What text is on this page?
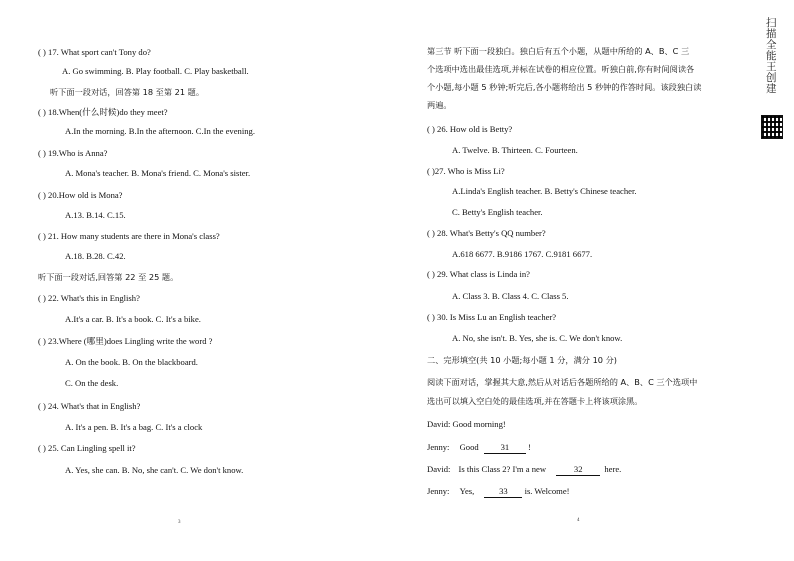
( ) 17. What sport can't Tony do?
A. Go swimming. B. Play football. C. Play basketball.
听下面一段对话，回答第 18 至第 21 题。
( ) 18.When(什么时候)do they meet?
A.In the morning. B.In the afternoon. C.In the evening.
( ) 19.Who is Anna?
A. Mona's teacher. B. Mona's friend. C. Mona's sister.
( ) 20.How old is Mona?
A.13. B.14. C.15.
( ) 21. How many students are there in Mona's class?
A.18. B.28. C.42.
听下面一段对话,回答第 22 至 25 题。
( ) 22. What's this in English?
A.It's a car. B. It's a book. C. It's a bike.
( ) 23.Where (哪里)does Lingling write the word ?
A. On the book. B. On the blackboard.
C. On the desk.
( ) 24. What's that in English?
A. It's a pen. B. It's a bag. C. It's a clock
( ) 25. Can Lingling spell it?
A. Yes, she can. B. No, she can't. C. We don't know.
3
第三节 听下面一段独白。独白后有五个小题，从题中所给的 A、B、C 三
个选项中选出最佳选项,并标在试卷的相应位置。听独白前,你有时间阅读各
个小题,每小题 5 秒钟;听完后,各小题将给出 5 秒钟的作答时间。该段独白读
两遍。
( ) 26. How old is Betty?
A. Twelve. B. Thirteen. C. Fourteen.
( )27. Who is Miss Li?
A.Linda's English teacher. B. Betty's Chinese teacher.
C. Betty's English teacher.
( ) 28. What's Betty's QQ number?
A.618 6677. B.9186 1767. C.9181 6677.
( ) 29. What class is Linda in?
A. Class 3. B. Class 4. C. Class 5.
( ) 30. Is Miss Lu an English teacher?
A. No, she isn't. B. Yes, she is. C. We don't know.
二、完形填空(共 10 小题;每小题 1 分，满分 10 分)
阅读下面对话，掌握其大意,然后从对话后各题所给的 A、B、C 三个选项中
选出可以填入空白处的最佳选项,并在答题卡上将该项涂黑。
David: Good morning!
Jenny: Good	31 !
David: Is this Class 2? I'm a new	32	here.
Jenny: Yes,	33 is. Welcome!
4
扫描全能王 创建
